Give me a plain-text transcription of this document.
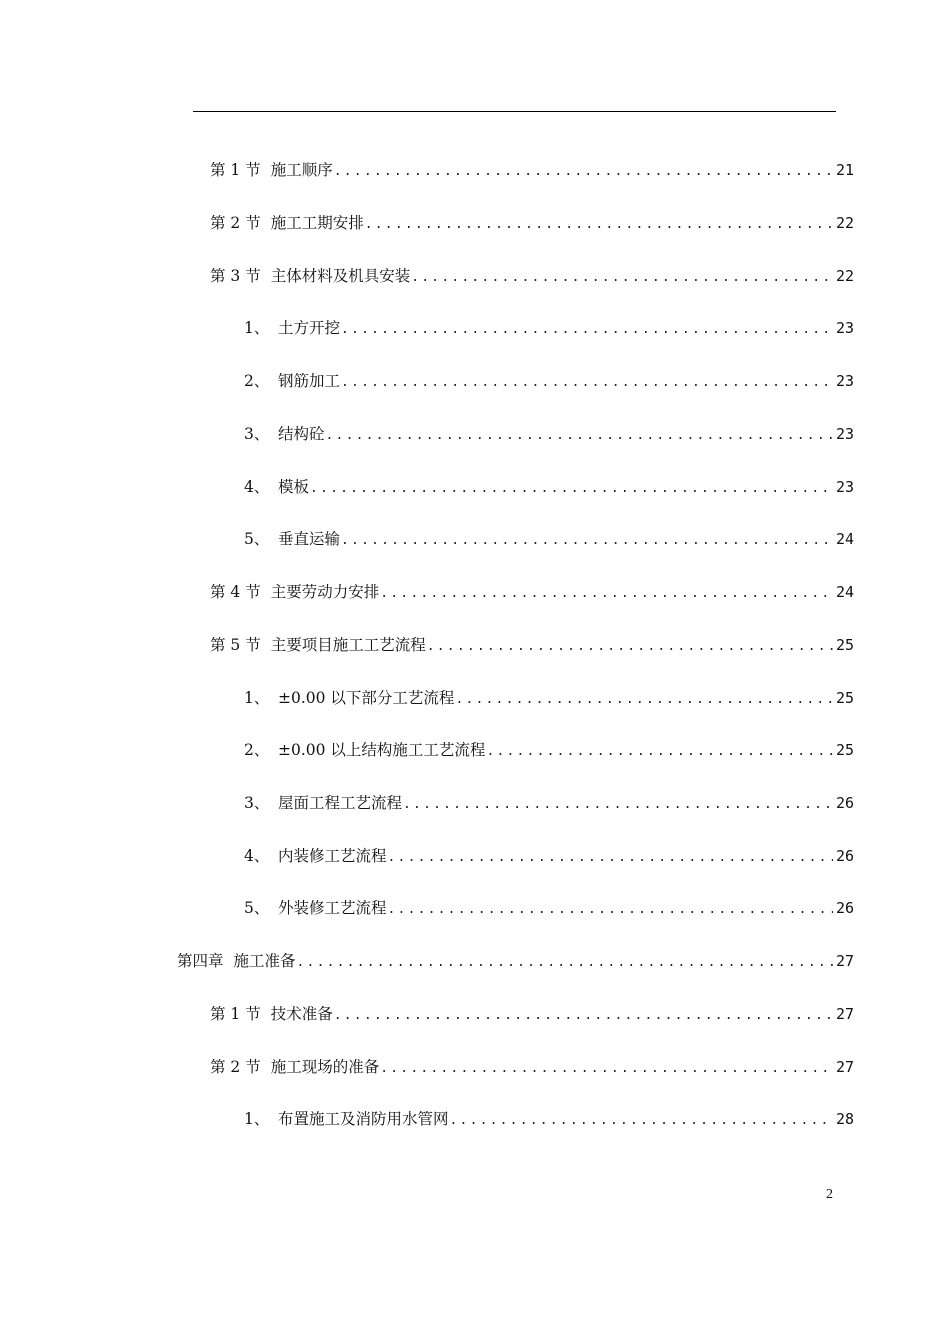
第 1 节 施工顺序 .....	21
第 2 节 施工工期安排 .....	22
第 3 节 主体材料及机具安装 .....	22
1、 土方开挖 .....	23
2、 钢筋加工 .....	23
3、 结构砼 .....	23
4、 模板 .....	23
5、 垂直运输 .....	24
第 4 节 主要劳动力安排 .....	24
第 5 节 主要项目施工工艺流程 .....	25
1、 ±0.00 以下部分工艺流程 .....	25
2、 ±0.00 以上结构施工工艺流程 .....	25
3、 屋面工程工艺流程 .....	26
4、 内装修工艺流程 .....	26
5、 外装修工艺流程 .....	26
第四章 施工准备 .....	27
第 1 节 技术准备 .....	27
第 2 节 施工现场的准备 .....	27
1、 布置施工及消防用水管网 .....	28
2
